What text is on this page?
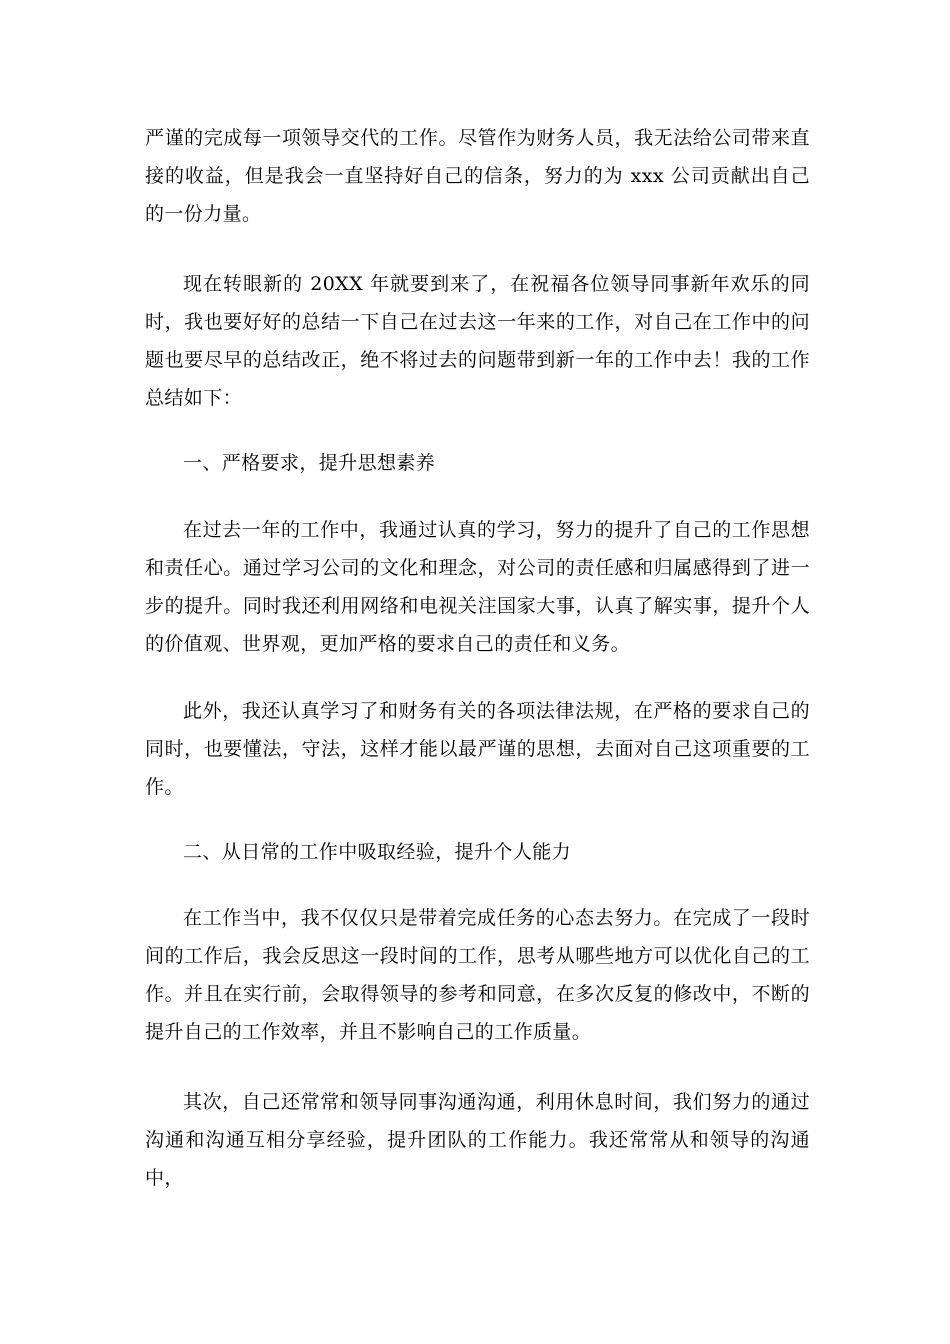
严谨的完成每一项领导交代的工作。尽管作为财务人员，我无法给公司带来直接的收益，但是我会一直坚持好自己的信条，努力的为 xxx 公司贡献出自己的一份力量。

现在转眼新的 20XX 年就要到来了，在祝福各位领导同事新年欢乐的同时，我也要好好的总结一下自己在过去这一年来的工作，对自己在工作中的问题也要尽早的总结改正，绝不将过去的问题带到新一年的工作中去！我的工作总结如下：

一、严格要求，提升思想素养

在过去一年的工作中，我通过认真的学习，努力的提升了自己的工作思想和责任心。通过学习公司的文化和理念，对公司的责任感和归属感得到了进一步的提升。同时我还利用网络和电视关注国家大事，认真了解实事，提升个人的价值观、世界观，更加严格的要求自己的责任和义务。

此外，我还认真学习了和财务有关的各项法律法规，在严格的要求自己的同时，也要懂法，守法，这样才能以最严谨的思想，去面对自己这项重要的工作。

二、从日常的工作中吸取经验，提升个人能力

在工作当中，我不仅仅只是带着完成任务的心态去努力。在完成了一段时间的工作后，我会反思这一段时间的工作，思考从哪些地方可以优化自己的工作。并且在实行前，会取得领导的参考和同意，在多次反复的修改中，不断的提升自己的工作效率，并且不影响自己的工作质量。

其次，自己还常常和领导同事沟通沟通，利用休息时间，我们努力的通过沟通和沟通互相分享经验，提升团队的工作能力。我还常常从和领导的沟通中，
